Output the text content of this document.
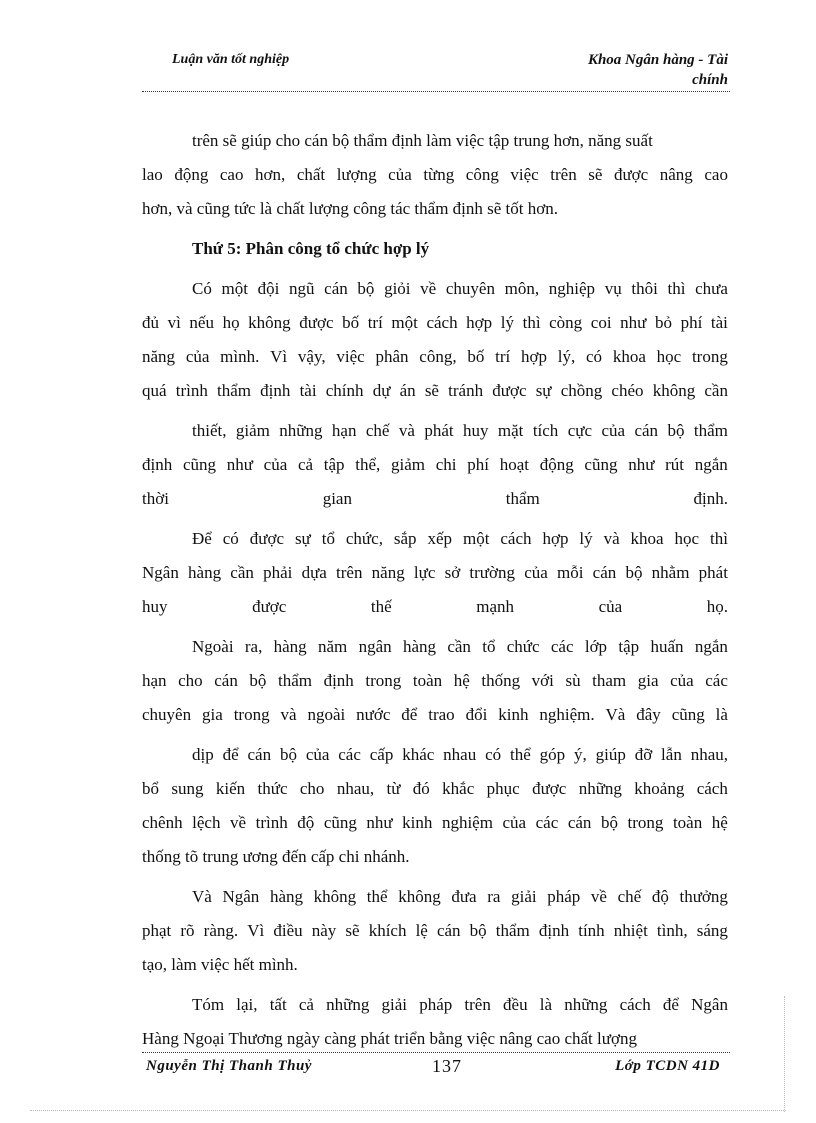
Luận văn tốt nghiệp	Khoa Ngân hàng - Tài
chính
trên sẽ giúp cho cán bộ thẩm định làm việc tập trung hơn, năng suất
lao động cao hơn, chất lượng của từng công việc trên sẽ được nâng cao
hơn, và cũng tức là chất lượng công tác thẩm định sẽ tốt hơn.
Thứ 5: Phân công tổ chức hợp lý
Có một đội ngũ cán bộ giỏi về chuyên môn, nghiệp vụ thôi thì chưa
đủ vì nếu họ không được bố trí một cách hợp lý thì còng coi như bỏ phí tài
năng của mình. Vì vậy, việc phân công, bố trí hợp lý, có khoa học trong
quá trình thẩm định tài chính dự án sẽ tránh được sự chồng chéo không cần
thiết, giảm những hạn chế và phát huy mặt tích cực của cán bộ thẩm
định cũng như của cả tập thể, giảm chi phí hoạt động cũng như rút ngắn
thời	gian	thẩm	định.
Để có được sự tổ chức, sắp xếp một cách hợp lý và khoa học thì
Ngân hàng cần phải dựa trên năng lực sở trường của mỗi cán bộ nhằm phát
huy	được	thế	mạnh	của	họ.
Ngoài ra, hàng năm ngân hàng cần tổ chức các lớp tập huấn ngắn
hạn cho cán bộ thẩm định trong toàn hệ thống với sù tham gia của các
chuyên gia trong và ngoài nước để trao đổi kinh nghiệm. Và đây cũng là
dịp để cán bộ của các cấp khác nhau có thể góp ý, giúp đỡ lẫn nhau,
bổ sung kiến thức cho nhau, từ đó khắc phục được những khoảng cách
chênh lệch về trình độ cũng như kinh nghiệm của các cán bộ trong toàn hệ
thống tõ trung ương đến cấp chi nhánh.
Và Ngân hàng không thể không đưa ra giải pháp về chế độ thưởng
phạt rõ ràng. Vì điều này sẽ khích lệ cán bộ thẩm định tính nhiệt tình, sáng
tạo, làm việc hết mình.
Tóm lại, tất cả những giải pháp trên đều là những cách để Ngân
Hàng Ngoại Thương ngày càng phát triển bằng việc nâng cao chất lượng
Nguyễn Thị Thanh Thuỷ	137	Lớp TCDN 41D
